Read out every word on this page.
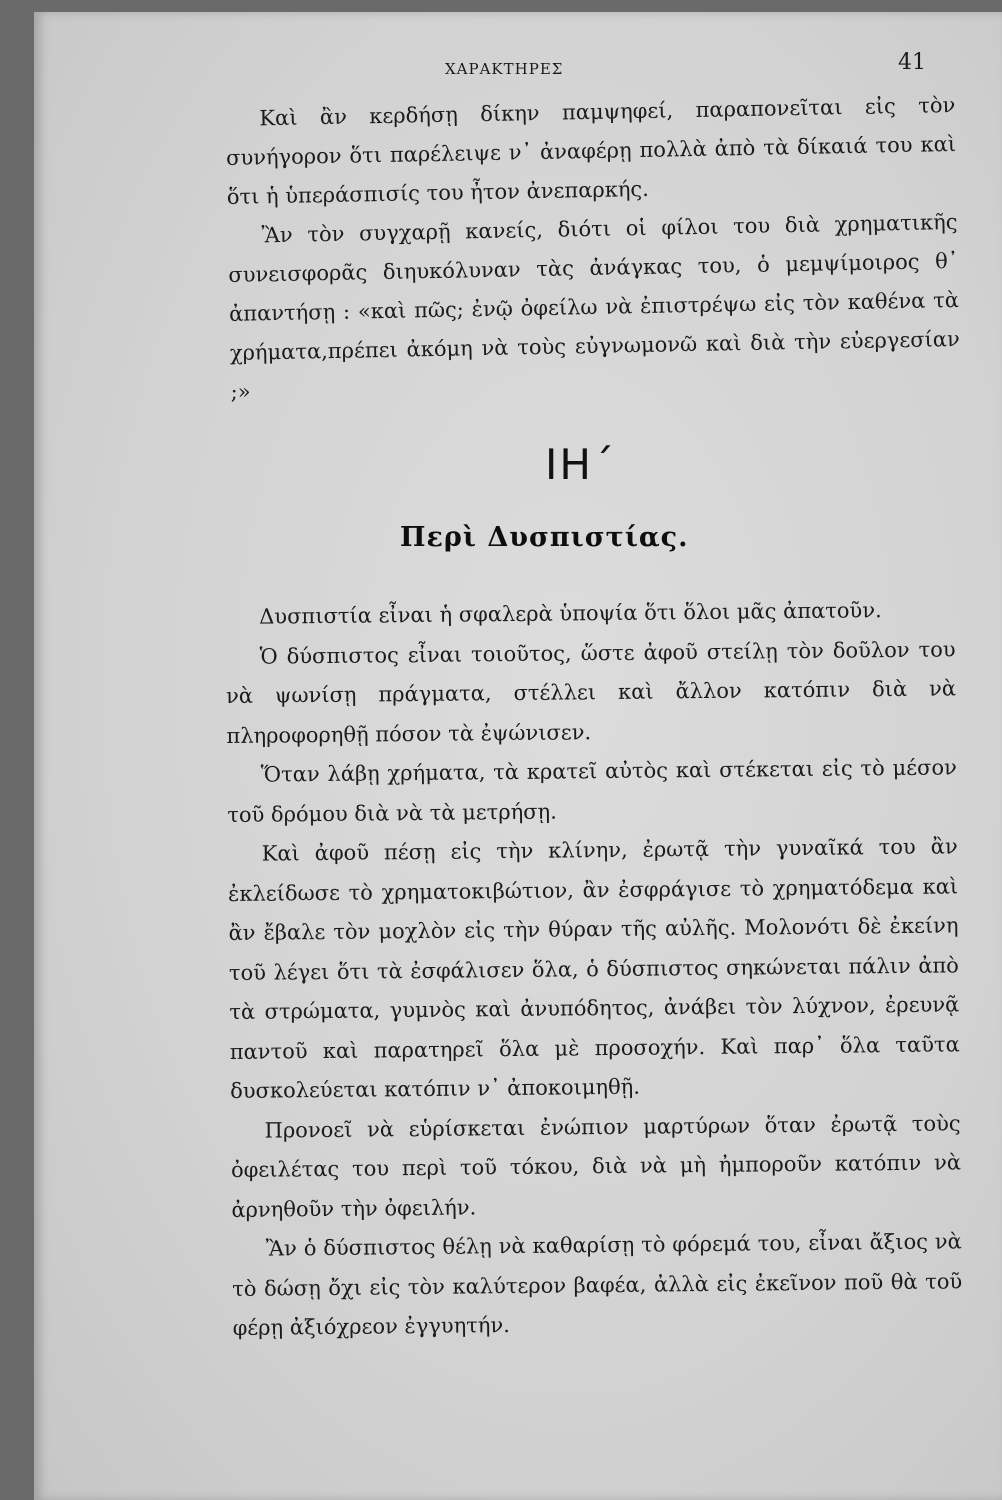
ΧΑΡΑΚΤΗΡΕΣ	41

Καὶ ἂν κερδήσῃ δίκην παμψηφεί, παραπονεῖται εἰς τὸν συνήγορον ὅτι παρέλειψε ν᾽ ἀναφέρῃ πολλὰ ἀπὸ τὰ δίκαιά του καὶ ὅτι ἡ ὑπεράσπισίς του ἦτον ἀνεπαρκής.

Ἂν τὸν συγχαρῇ κανείς, διότι οἱ φίλοι του διὰ χρηματικῆς συνεισφορᾶς διηυκόλυναν τὰς ἀνάγκας του, ὁ μεμψίμοιρος θ᾽ ἀπαντήσῃ : «καὶ πῶς; ἐνῷ ὀφείλω νὰ ἐπιστρέψω εἰς τὸν καθένα τὰ χρήματα,πρέπει ἀκόμη νὰ τοὺς εὐγνωμονῶ καὶ διὰ τὴν εὐεργεσίαν ;»

ΙΗ΄
Περὶ Δυσπιστίας.

Δυσπιστία εἶναι ἡ σφαλερὰ ὑποψία ὅτι ὅλοι μᾶς ἀπατοῦν.

Ὁ δύσπιστος εἶναι τοιοῦτος, ὥστε ἀφοῦ στείλῃ τὸν δοῦλον του νὰ ψωνίσῃ πράγματα, στέλλει καὶ ἄλλον κατόπιν διὰ νὰ πληροφορηθῇ πόσον τὰ ἐψώνισεν.

Ὅταν λάβῃ χρήματα, τὰ κρατεῖ αὐτὸς καὶ στέκεται εἰς τὸ μέσον τοῦ δρόμου διὰ νὰ τὰ μετρήσῃ.

Καὶ ἀφοῦ πέσῃ εἰς τὴν κλίνην, ἐρωτᾷ τὴν γυναῖκά του ἂν ἐκλείδωσε τὸ χρηματοκιβώτιον, ἂν ἐσφράγισε τὸ χρηματόδεμα καὶ ἂν ἔβαλε τὸν μοχλὸν εἰς τὴν θύραν τῆς αὐλῆς. Μολονότι δὲ ἐκείνη τοῦ λέγει ὅτι τὰ ἐσφάλισεν ὅλα, ὁ δύσπιστος σηκώνεται πάλιν ἀπὸ τὰ στρώματα, γυμνὸς καὶ ἀνυπόδητος, ἀνάβει τὸν λύχνον, ἐρευνᾷ παντοῦ καὶ παρατηρεῖ ὅλα μὲ προσοχήν. Καὶ παρ᾽ ὅλα ταῦτα δυσκολεύεται κατόπιν ν᾽ ἀποκοιμηθῇ.

Προνοεῖ νὰ εὑρίσκεται ἐνώπιον μαρτύρων ὅταν ἐρωτᾷ τοὺς ὀφειλέτας του περὶ τοῦ τόκου, διὰ νὰ μὴ ἠμποροῦν κατόπιν νὰ ἀρνηθοῦν τὴν ὀφειλήν.

Ἂν ὁ δύσπιστος θέλῃ νὰ καθαρίσῃ τὸ φόρεμά του, εἶναι ἄξιος νὰ τὸ δώσῃ ὄχι εἰς τὸν καλύτερον βαφέα, ἀλλὰ εἰς ἐκεῖνον ποῦ θὰ τοῦ φέρῃ ἀξιόχρεον ἐγγυητήν.
